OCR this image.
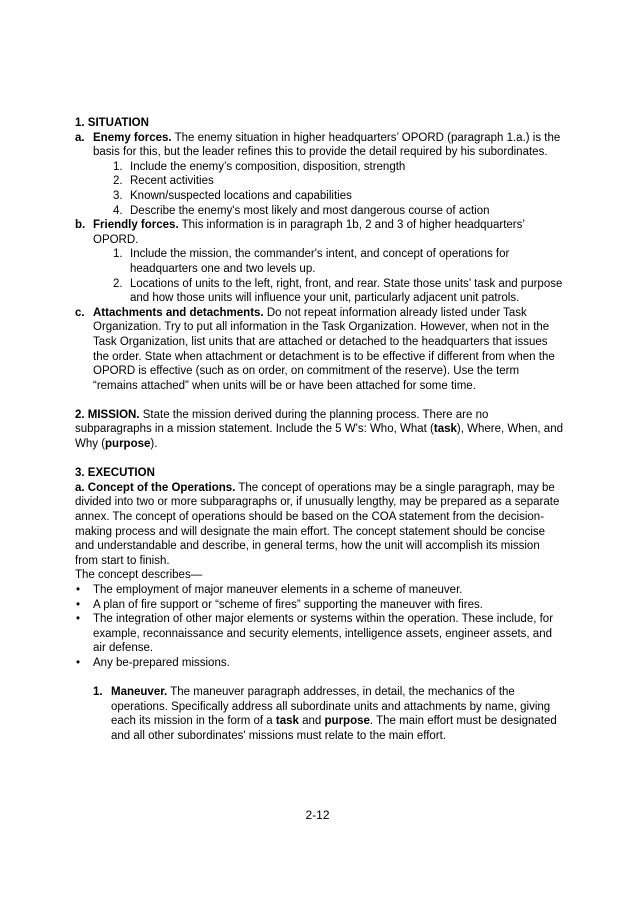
1. SITUATION

a. Enemy forces. The enemy situation in higher headquarters’ OPORD (paragraph 1.a.) is the basis for this, but the leader refines this to provide the detail required by his subordinates.
1. Include the enemy’s composition, disposition, strength
2. Recent activities
3. Known/suspected locations and capabilities
4. Describe the enemy's most likely and most dangerous course of action
b. Friendly forces. This information is in paragraph 1b, 2 and 3 of higher headquarters’ OPORD.
1. Include the mission, the commander's intent, and concept of operations for headquarters one and two levels up.
2. Locations of units to the left, right, front, and rear. State those units’ task and purpose and how those units will influence your unit, particularly adjacent unit patrols.
c. Attachments and detachments. Do not repeat information already listed under Task Organization. Try to put all information in the Task Organization. However, when not in the Task Organization, list units that are attached or detached to the headquarters that issues the order. State when attachment or detachment is to be effective if different from when the OPORD is effective (such as on order, on commitment of the reserve). Use the term “remains attached” when units will be or have been attached for some time.

2. MISSION. State the mission derived during the planning process. There are no subparagraphs in a mission statement. Include the 5 W's: Who, What (task), Where, When, and Why (purpose).

3. EXECUTION

a. Concept of the Operations. The concept of operations may be a single paragraph, may be divided into two or more subparagraphs or, if unusually lengthy, may be prepared as a separate annex. The concept of operations should be based on the COA statement from the decision-making process and will designate the main effort. The concept statement should be concise and understandable and describe, in general terms, how the unit will accomplish its mission from start to finish.

The concept describes—

• The employment of major maneuver elements in a scheme of maneuver.
• A plan of fire support or “scheme of fires” supporting the maneuver with fires.
• The integration of other major elements or systems within the operation. These include, for example, reconnaissance and security elements, intelligence assets, engineer assets, and air defense.
• Any be-prepared missions.
1. Maneuver. The maneuver paragraph addresses, in detail, the mechanics of the operations. Specifically address all subordinate units and attachments by name, giving each its mission in the form of a task and purpose. The main effort must be designated and all other subordinates' missions must relate to the main effort.
2-12
